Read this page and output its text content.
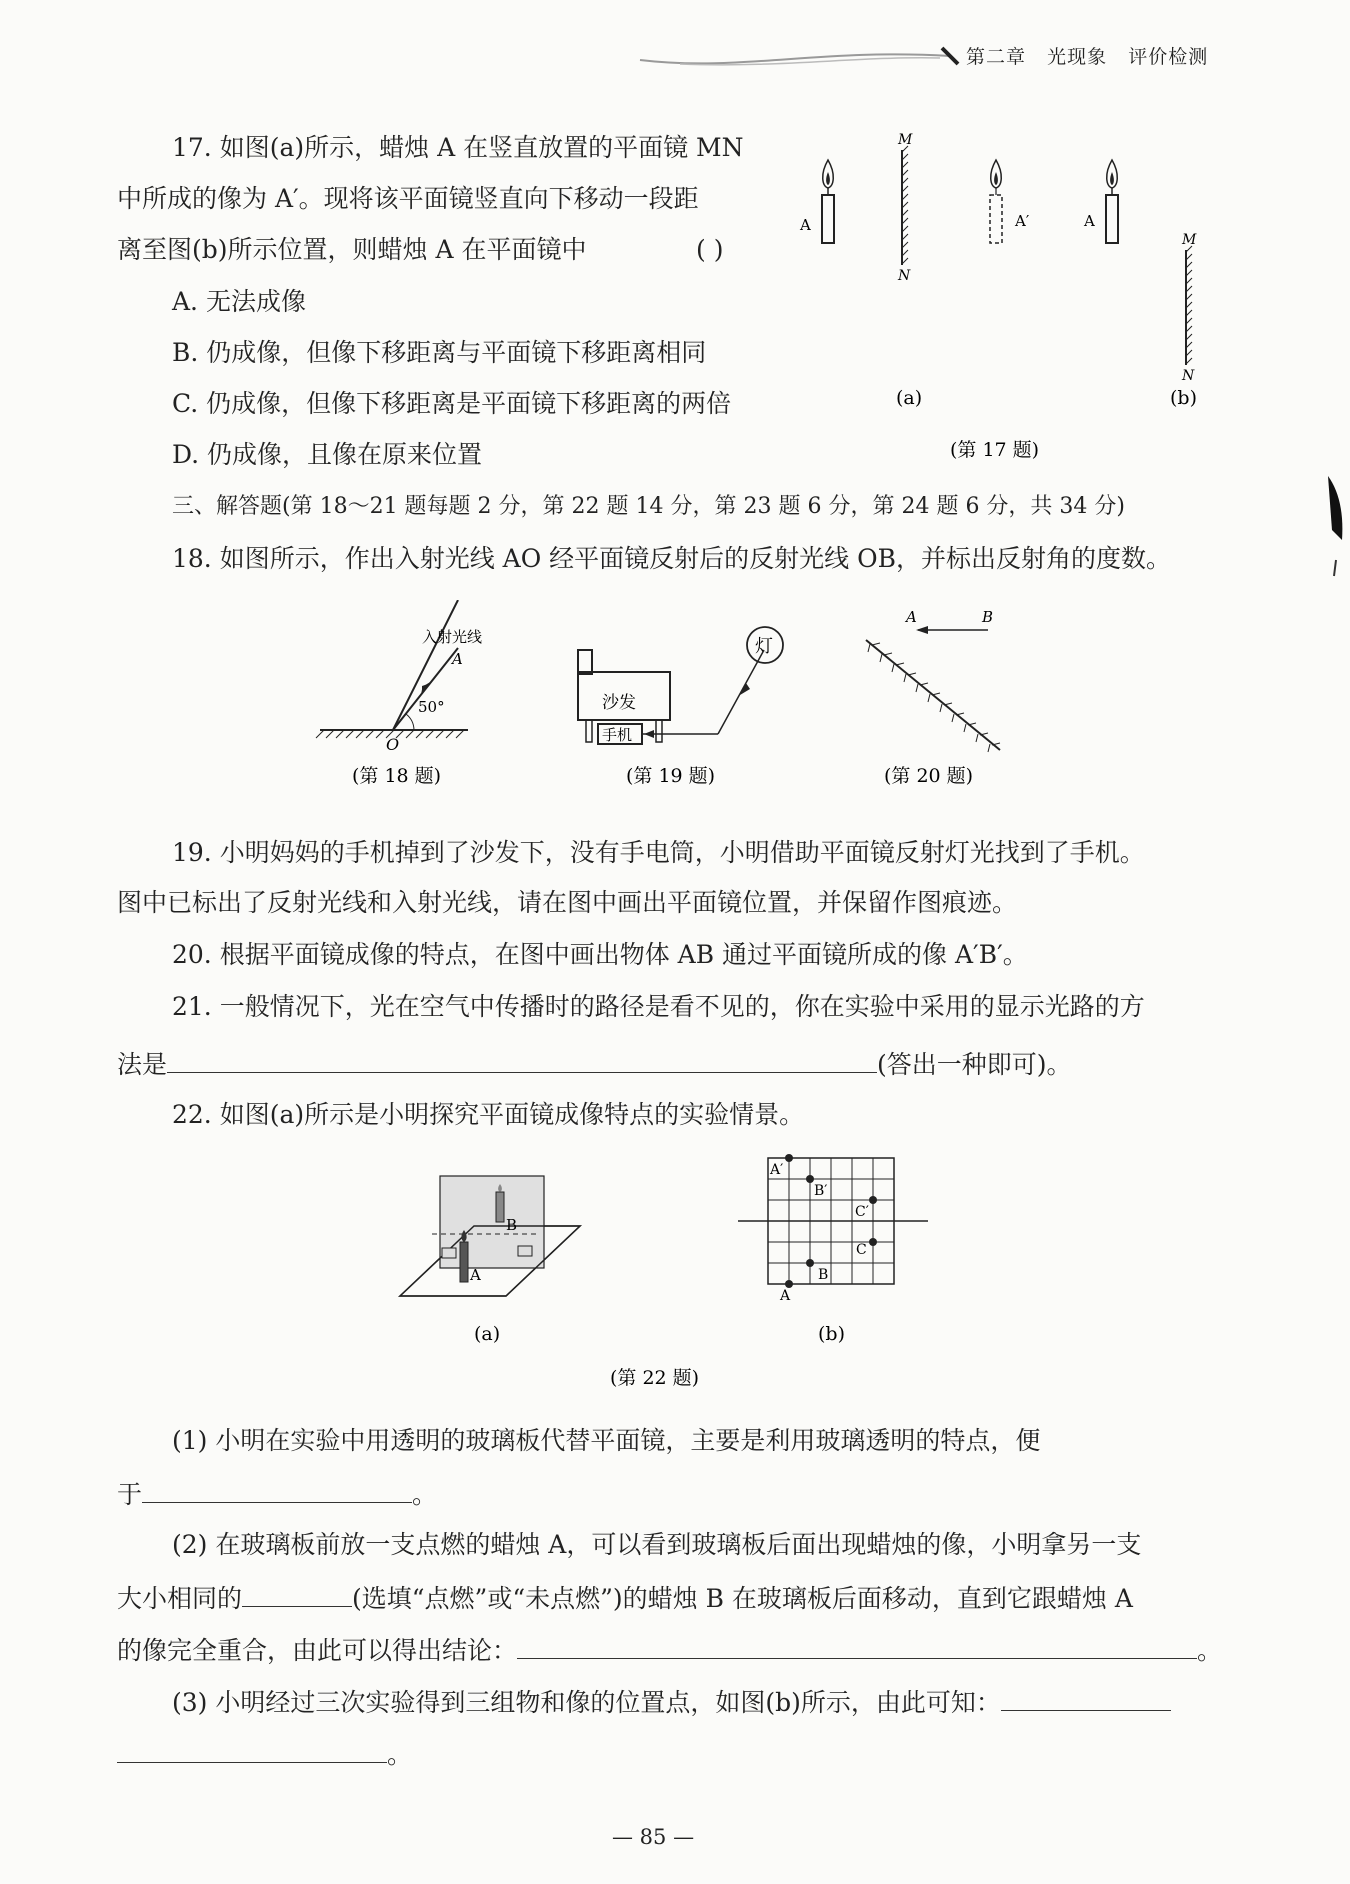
第二章 光现象 评价检测
17. 如图(a)所示，蜡烛 A 在竖直放置的平面镜 MN
中所成的像为 A′。现将该平面镜竖直向下移动一段距
离至图(b)所示位置，则蜡烛 A 在平面镜中	( )
A. 无法成像
B. 仍成像，但像下移距离与平面镜下移距离相同
C. 仍成像，但像下移距离是平面镜下移距离的两倍
D. 仍成像，且像在原来位置
A
M
N
A′	A
M
N
(a)	(b)
(第 17 题)
三、解答题(第 18～21 题每题 2 分，第 22 题 14 分，第 23 题 6 分，第 24 题 6 分，共 34 分)
18. 如图所示，作出入射光线 AO 经平面镜反射后的反射光线 OB，并标出反射角的度数。
入射光线
A
50°
O
(第 18 题)
灯
沙发
手机
(第 19 题)
A	B
(第 20 题)
19. 小明妈妈的手机掉到了沙发下，没有手电筒，小明借助平面镜反射灯光找到了手机。
图中已标出了反射光线和入射光线，请在图中画出平面镜位置，并保留作图痕迹。
20. 根据平面镜成像的特点，在图中画出物体 AB 通过平面镜所成的像 A′B′。
21. 一般情况下，光在空气中传播时的路径是看不见的，你在实验中采用的显示光路的方
法是	(答出一种即可)。
22. 如图(a)所示是小明探究平面镜成像特点的实验情景。
A
B
(a)
A′
B′
C′
C
B
A
(b)
(第 22 题)
(1) 小明在实验中用透明的玻璃板代替平面镜，主要是利用玻璃透明的特点，便
于	。
(2) 在玻璃板前放一支点燃的蜡烛 A，可以看到玻璃板后面出现蜡烛的像，小明拿另一支
大小相同的	(选填“点燃”或“未点燃”)的蜡烛 B 在玻璃板后面移动，直到它跟蜡烛 A
的像完全重合，由此可以得出结论：	。
(3) 小明经过三次实验得到三组物和像的位置点，如图(b)所示，由此可知：
。
— 85 —
